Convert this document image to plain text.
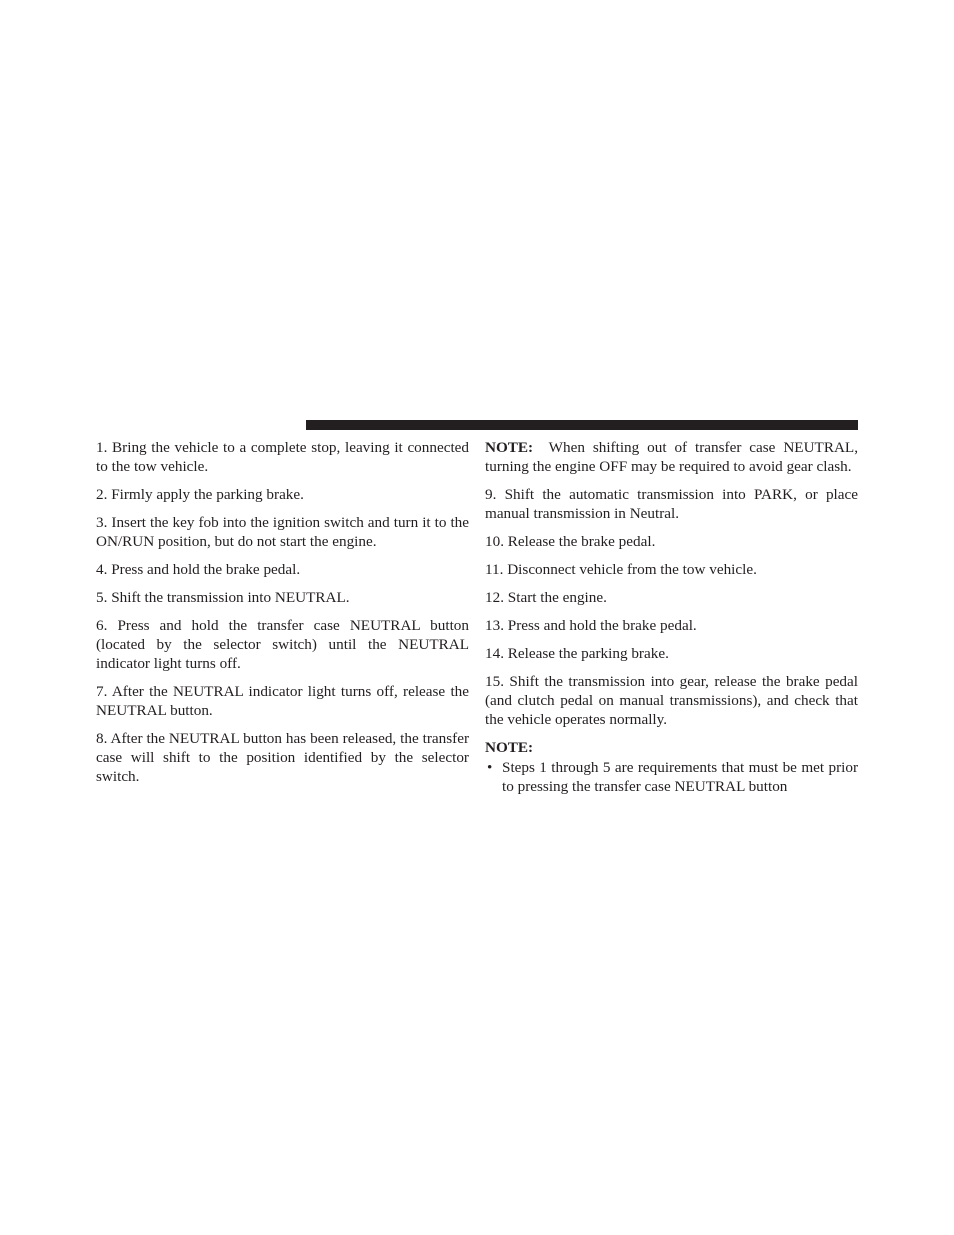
1. Bring the vehicle to a complete stop, leaving it connected to the tow vehicle.

2. Firmly apply the parking brake.

3. Insert the key fob into the ignition switch and turn it to the ON/RUN position, but do not start the engine.

4. Press and hold the brake pedal.

5. Shift the transmission into NEUTRAL.

6. Press and hold the transfer case NEUTRAL button (located by the selector switch) until the NEUTRAL indicator light turns off.

7. After the NEUTRAL indicator light turns off, release the NEUTRAL button.

8. After the NEUTRAL button has been released, the transfer case will shift to the position identified by the selector switch.

NOTE: When shifting out of transfer case NEUTRAL, turning the engine OFF may be required to avoid gear clash.

9. Shift the automatic transmission into PARK, or place manual transmission in Neutral.

10. Release the brake pedal.

11. Disconnect vehicle from the tow vehicle.

12. Start the engine.

13. Press and hold the brake pedal.

14. Release the parking brake.

15. Shift the transmission into gear, release the brake pedal (and clutch pedal on manual transmissions), and check that the vehicle operates normally.

NOTE:

• Steps 1 through 5 are requirements that must be met prior to pressing the transfer case NEUTRAL button
